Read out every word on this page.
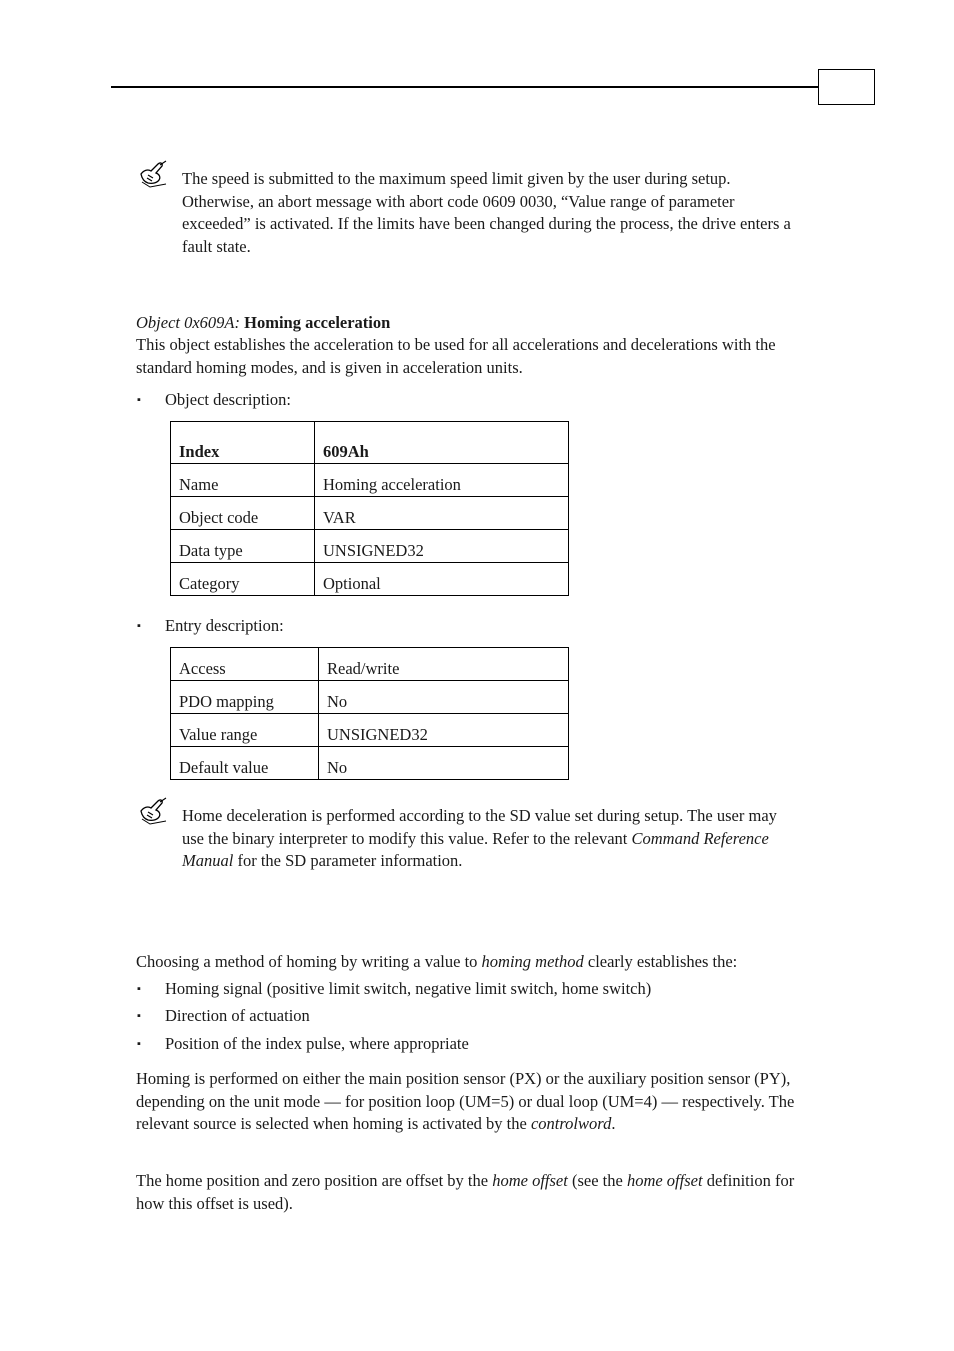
The speed is submitted to the maximum speed limit given by the user during setup. Otherwise, an abort message with abort code 0609 0030, “Value range of parameter exceeded” is activated. If the limits have been changed during the process, the drive enters a fault state.

Object 0x609A: Homing acceleration

This object establishes the acceleration to be used for all accelerations and decelerations with the standard homing modes, and is given in acceleration units.

▪ Object description:
Index	609Ah
Name	Homing acceleration
Object code	VAR
Data type	UNSIGNED32
Category	Optional
▪ Entry description:
Access	Read/write
PDO mapping	No
Value range	UNSIGNED32
Default value	No

Home deceleration is performed according to the SD value set during setup. The user may use the binary interpreter to modify this value. Refer to the relevant Command Reference Manual for the SD parameter information.

Choosing a method of homing by writing a value to homing method clearly establishes the:

▪ Homing signal (positive limit switch, negative limit switch, home switch)
▪ Direction of actuation
▪ Position of the index pulse, where appropriate

Homing is performed on either the main position sensor (PX) or the auxiliary position sensor (PY), depending on the unit mode — for position loop (UM=5) or dual loop (UM=4) — respectively. The relevant source is selected when homing is activated by the controlword.

The home position and zero position are offset by the home offset (see the home offset definition for how this offset is used).
